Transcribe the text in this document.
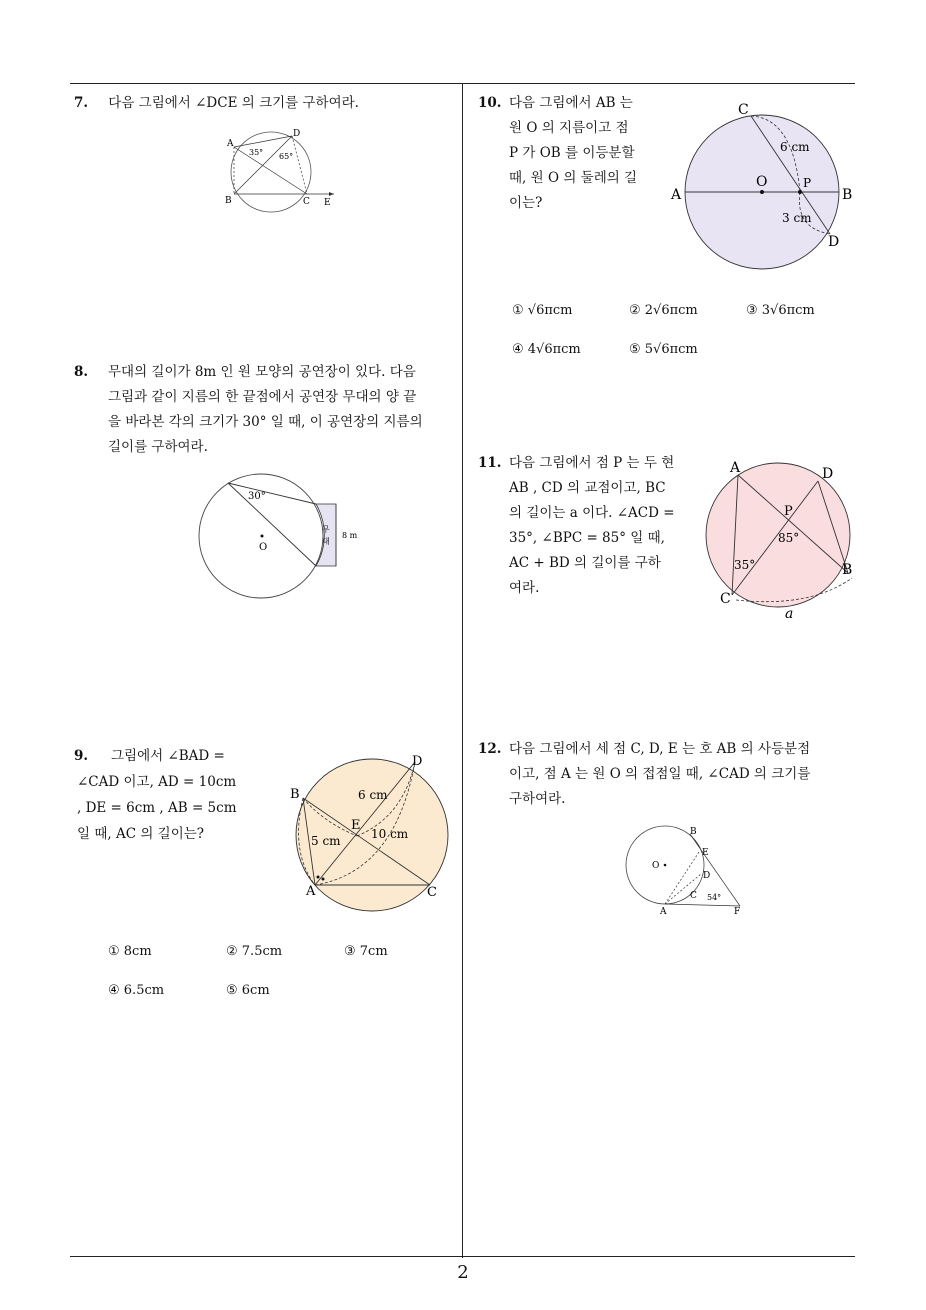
7. 다음 그림에서 ∠DCE 의 크기를 구하여라.
A
B	C
D
E
35° 65°
8. 무대의 길이가 8m 인 원 모양의 공연장이 있다. 다음
그림과 같이 지름의 한 끝점에서 공연장 무대의 양 끝
을 바라본 각의 크기가 30° 일 때, 이 공연장의 지름의
길이를 구하여라.
30°
O
무
대
8 m
9. 그림에서 ∠BAD =
∠CAD 이고, AD = 10cm
, DE = 6cm , AB = 5cm
일 때, AC 의 길이는?
A
B
C
D
E
6 cm
5 cm	10 cm
① 8cm	② 7.5cm	③ 7cm
④ 6.5cm	⑤ 6cm
10. 다음 그림에서 AB 는
원 O 의 지름이고 점
P 가 OB 를 이등분할
때, 원 O 의 둘레의 길
이는?	A	B
C
D
O	P
6 cm
3 cm
① √6πcm	② 2√6πcm	③ 3√6πcm
④ 4√6πcm	⑤ 5√6πcm
11. 다음 그림에서 점 P 는 두 현
AB , CD 의 교점이고, BC
의 길이는 a 이다. ∠ACD =
35°, ∠BPC = 85° 일 때,
AC + BD 의 길이를 구하
여라.
A
B
C
D
P
35°
85°
a
12. 다음 그림에서 세 점 C, D, E 는 호 AB 의 사등분점
이고, 점 A 는 원 O 의 접점일 때, ∠CAD 의 크기를
구하여라.
O
B
E
D
C
A	F
54°
2
